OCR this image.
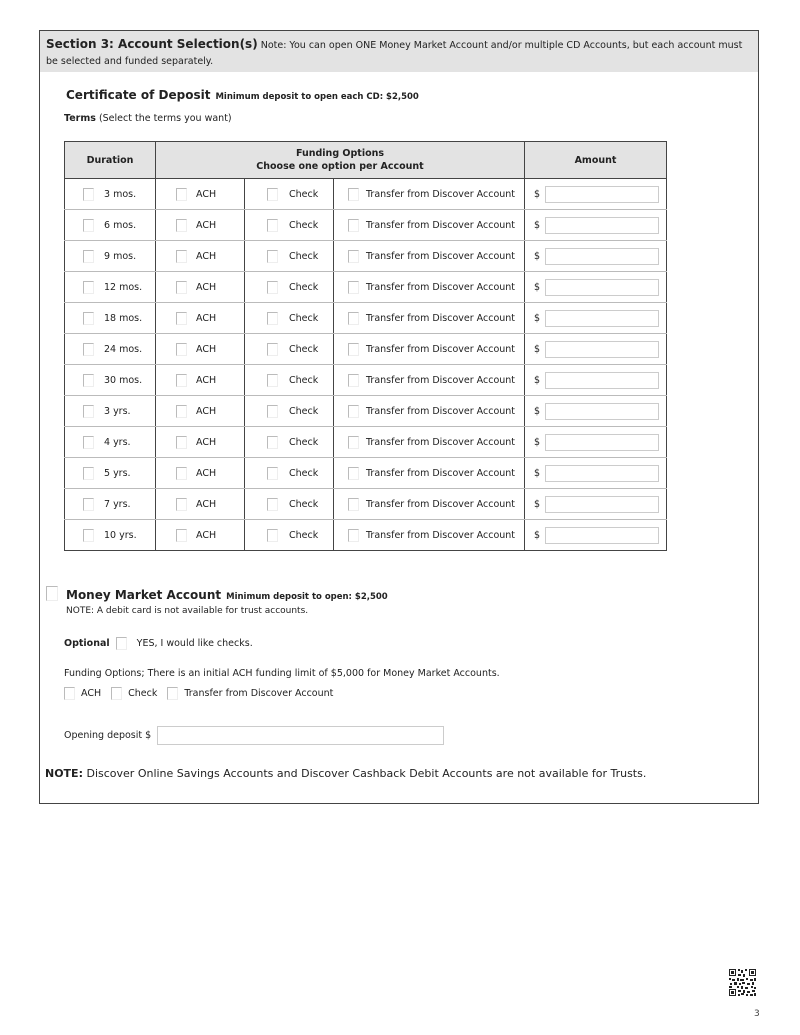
Section 3: Account Selection(s) Note: You can open ONE Money Market Account and/or multiple CD Accounts, but each account must be selected and funded separately.
Certificate of Deposit Minimum deposit to open each CD: $2,500
Terms (Select the terms you want)
Duration	Funding Options
Choose one option per Account			Amount

3 mos.	ACH	Check	Transfer from Discover Account	$

6 mos.	ACH	Check	Transfer from Discover Account	$

9 mos.	ACH	Check	Transfer from Discover Account	$

12 mos.	ACH	Check	Transfer from Discover Account	$

18 mos.	ACH	Check	Transfer from Discover Account	$

24 mos.	ACH	Check	Transfer from Discover Account	$

30 mos.	ACH	Check	Transfer from Discover Account	$

3 yrs.	ACH	Check	Transfer from Discover Account	$

4 yrs.	ACH	Check	Transfer from Discover Account	$

5 yrs.	ACH	Check	Transfer from Discover Account	$

7 yrs.	ACH	Check	Transfer from Discover Account	$

10 yrs.	ACH	Check	Transfer from Discover Account	$
Money Market Account Minimum deposit to open: $2,500
NOTE: A debit card is not available for trust accounts.
Optional	YES, I would like checks.
Funding Options; There is an initial ACH funding limit of $5,000 for Money Market Accounts.
ACH	Check	Transfer from Discover Account
Opening deposit $
NOTE: Discover Online Savings Accounts and Discover Cashback Debit Accounts are not available for Trusts.
3
